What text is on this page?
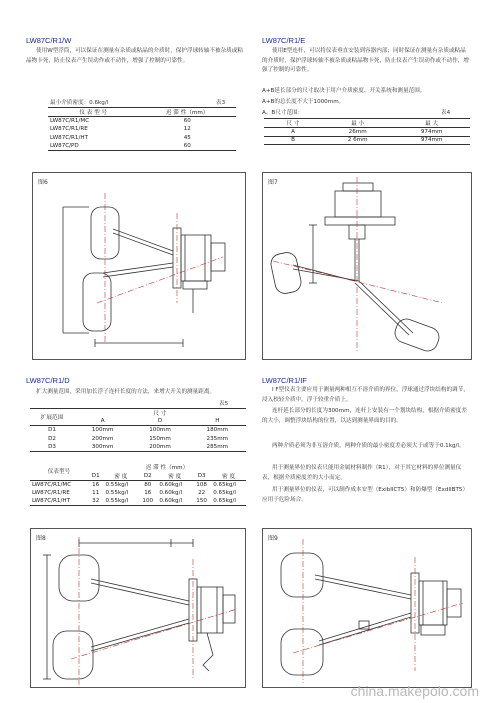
LW87C/R1/W
使用W型浮筒，可以保证在测量有杂质或粘晶的介质时，保护浮球转轴不被杂质或粘晶物卡死，防止仪表产生误动作或不动作，增强了控制的可靠性。
最小介质密度：0.6kg/l	表3
仪 表 型 号	迟 滞 性（mm）
LW87C/R1/MC	60
LW87C/R1/RE	12
LW87C/R1/HT	45
LW87C/PD	60
LW87C/R1/E
使用E型连杆，可以将仪表垂直安装到容器内部；同时保证在测量有杂质或粘晶的介质时，保护浮球转轴不被杂质或粘晶物卡死，防止仪表产生误动作或不动作，增强了控制的可靠性。
A+B延长部分的尺寸取决于用户介质密度、开关系统和测量范围。
A+B的总长度不大于1000mm。
A、B尺寸范围：	表4
尺 寸	最 小	最 大
A	26mm	974mm
B	2 6mm	974mm
图6	图7
LW87C/R1/D
扩大测量范围，采用加长浮子连杆长度的方法，来增大开关的测量距离。
表5
扩展范围	尺 寸		
	A	D	H
D1	100mm	100mm	180mm
D2	200mm	150mm	235mm
D3	300mm	200mm	285mm
仪表型号	迟 滞 性（mm）					
	D1	密 度	D2	密 度	D3	密 度
LW87C/R1/MC	16	0.55kg/l	80	0.60kg/l	108	0.65kg/l
LW87C/R1/RE	11	0.55kg/l	16	0.60kg/l	22	0.65kg/l
LW87C/R1/HT	32	0.55kg/l	100	0.60kg/l	150	0.65kg/l
LW87C/R1/IF
I F型仪表主要应用于测量两种相互不溶介质的界位，浮球通过浮块结构的调节，浸入校轻介质中，浮于较重介质上。
连杆延长部分的长度为300mm，连杆上安装有一个划块结构，根据介质密度差的大小，调整浮块结构的位置，以达到测量界面的目的。
两种介质必须为非互溶介质，两种介质的最小密度差必须大于或等于0.1kg/l。
用于测量界位的仪表只能用金属材料制作（R1），对于其它材料的界位测量仪表，根据介质密度差的大小而定。
用于测量界位的仪表，可以制作成本安型（ExibIICT5）和防爆型（ExdIIBT5）应用于危险场合。
图8	图9
china.makepolo.com
